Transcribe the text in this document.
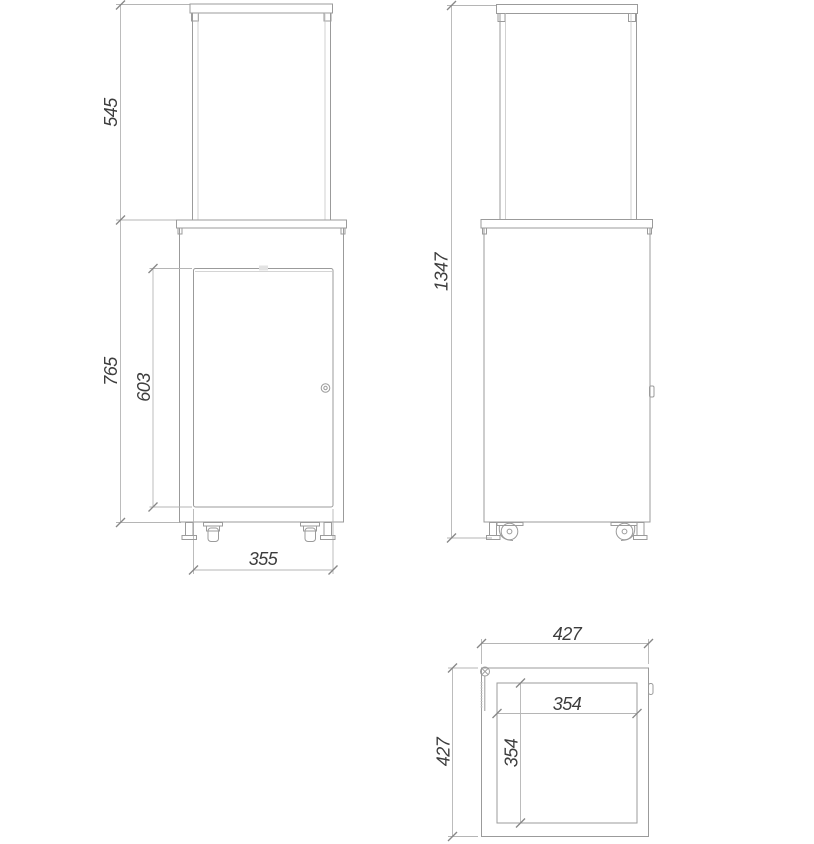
545
765
603
355
1347
427
427
354
354
